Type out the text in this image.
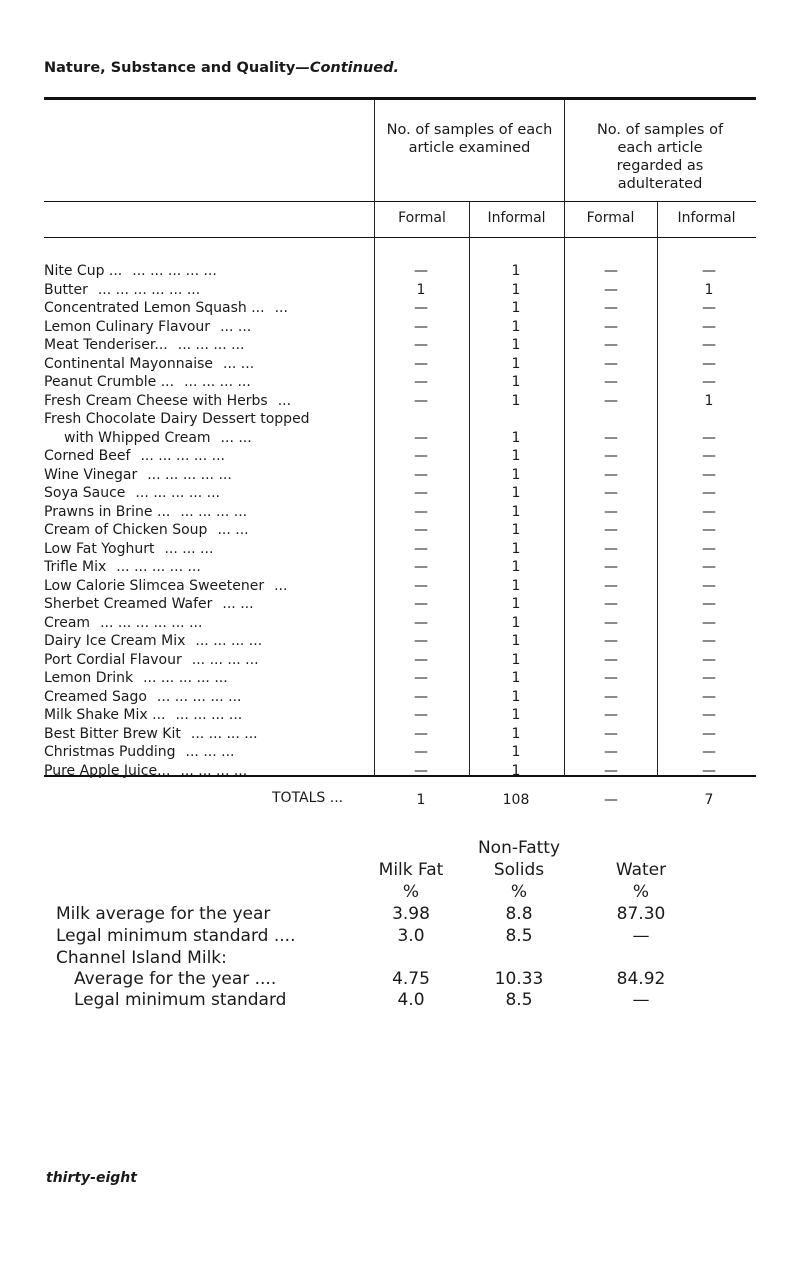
Nature, Substance and Quality—Continued.
No. of samples of each article examined
No. of samples of each article regarded as adulterated
Formal	Informal	Formal	Informal
Nite Cup ... ... ... ... ... ...	—	1	—	—
Butter ... ... ... ... ... ...	1	1	—	1
Concentrated Lemon Squash ... ...	—	1	—	—
Lemon Culinary Flavour ... ...	—	1	—	—
Meat Tenderiser... ... ... ... ...	—	1	—	—
Continental Mayonnaise ... ...	—	1	—	—
Peanut Crumble ... ... ... ... ...	—	1	—	—
Fresh Cream Cheese with Herbs ...	—	1	—	1
Fresh Chocolate Dairy Dessert topped
with Whipped Cream ... ...	—	1	—	—
Corned Beef ... ... ... ... ...	—	1	—	—
Wine Vinegar ... ... ... ... ...	—	1	—	—
Soya Sauce ... ... ... ... ...	—	1	—	—
Prawns in Brine ... ... ... ... ...	—	1	—	—
Cream of Chicken Soup ... ...	—	1	—	—
Low Fat Yoghurt ... ... ...	—	1	—	—
Trifle Mix ... ... ... ... ...	—	1	—	—
Low Calorie Slimcea Sweetener ...	—	1	—	—
Sherbet Creamed Wafer ... ...	—	1	—	—
Cream ... ... ... ... ... ...	—	1	—	—
Dairy Ice Cream Mix ... ... ... ...	—	1	—	—
Port Cordial Flavour ... ... ... ...	—	1	—	—
Lemon Drink ... ... ... ... ...	—	1	—	—
Creamed Sago ... ... ... ... ...	—	1	—	—
Milk Shake Mix ... ... ... ... ...	—	1	—	—
Best Bitter Brew Kit ... ... ... ...	—	1	—	—
Christmas Pudding ... ... ...	—	1	—	—
Pure Apple Juice... ... ... ... ...	—	1	—	—
TOTALS ...	1	108	—	7
Non-Fatty
Milk Fat	Solids	Water
%	%	%
Milk average for the year	3.98	8.8	87.30
Legal minimum standard ....	3.0	8.5	—
Channel Island Milk:
Average for the year ....	4.75	10.33	84.92
Legal minimum standard	4.0	8.5	—
thirty-eight
